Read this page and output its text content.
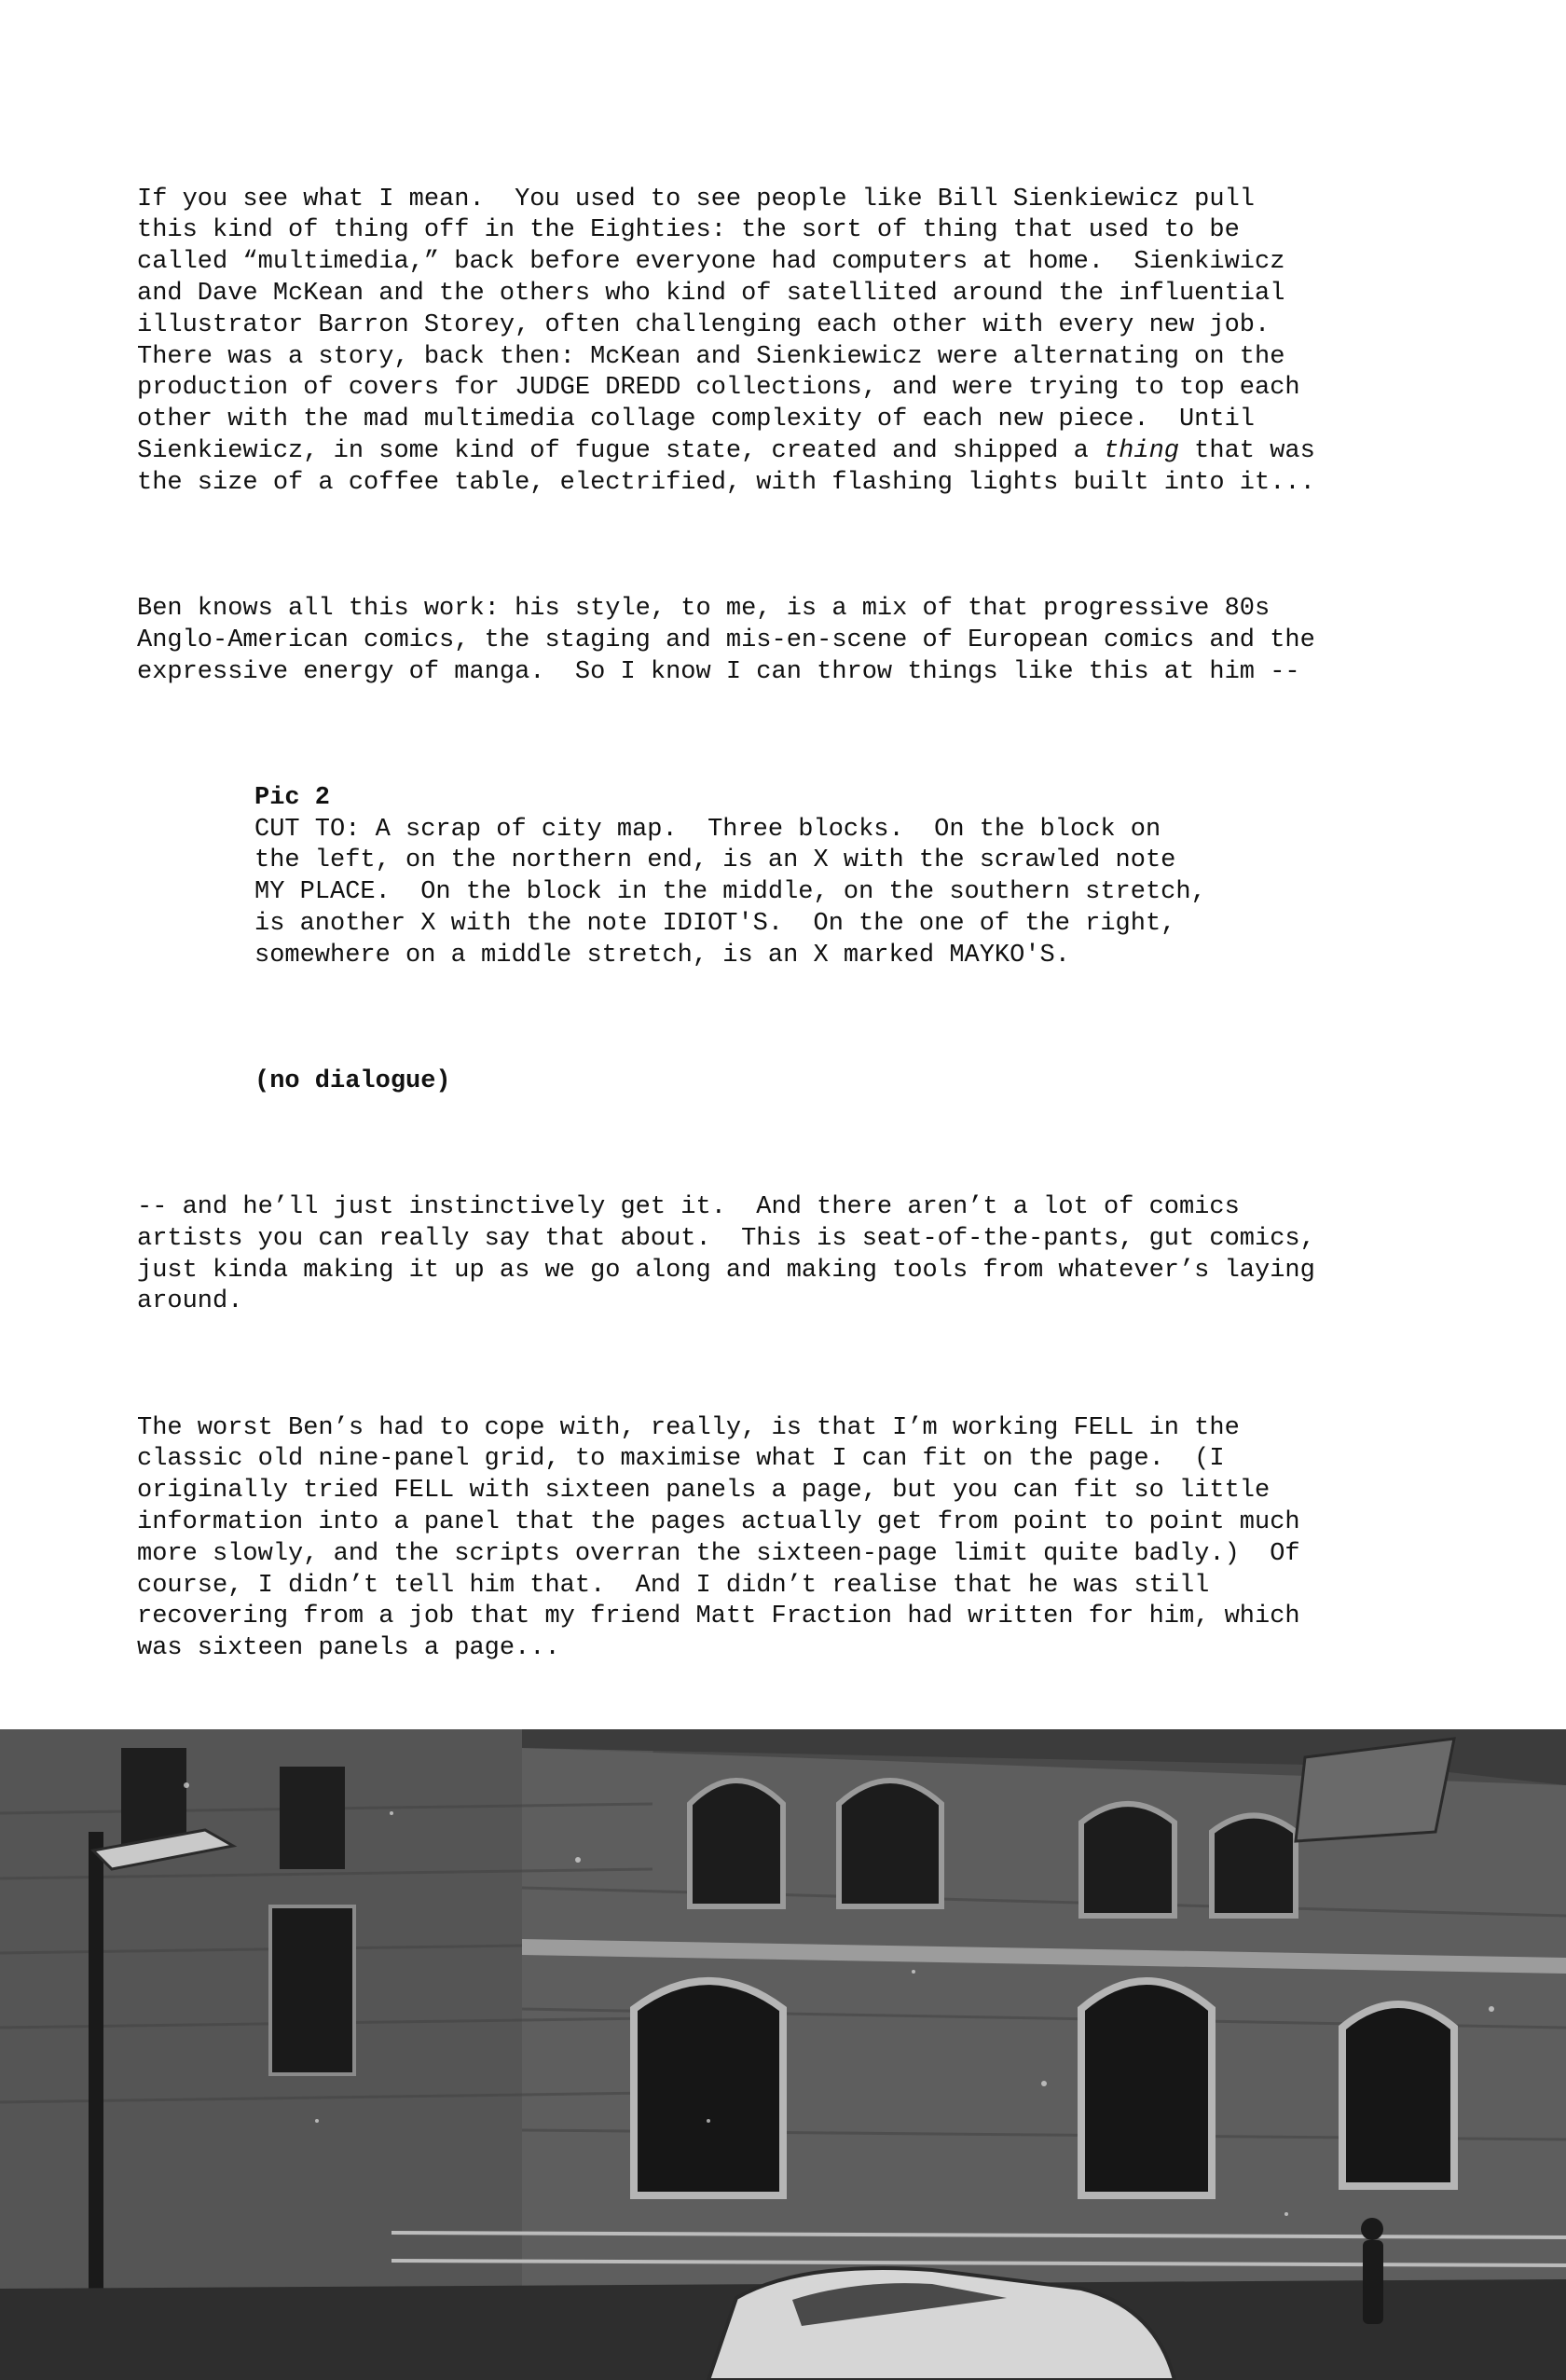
If you see what I mean.  You used to see people like Bill Sienkiewicz pull
this kind of thing off in the Eighties: the sort of thing that used to be
called “multimedia,” back before everyone had computers at home.  Sienkiwicz
and Dave McKean and the others who kind of satellited around the influential
illustrator Barron Storey, often challenging each other with every new job.
There was a story, back then: McKean and Sienkiewicz were alternating on the
production of covers for JUDGE DREDD collections, and were trying to top each
other with the mad multimedia collage complexity of each new piece.  Until
Sienkiewicz, in some kind of fugue state, created and shipped a thing that was
the size of a coffee table, electrified, with flashing lights built into it...

Ben knows all this work: his style, to me, is a mix of that progressive 80s
Anglo-American comics, the staging and mis-en-scene of European comics and the
expressive energy of manga.  So I know I can throw things like this at him --

Pic 2
CUT TO: A scrap of city map.  Three blocks.  On the block on
the left, on the northern end, is an X with the scrawled note
MY PLACE.  On the block in the middle, on the southern stretch,
is another X with the note IDIOT'S.  On the one of the right,
somewhere on a middle stretch, is an X marked MAYKO'S.

(no dialogue)

-- and he’ll just instinctively get it.  And there aren’t a lot of comics
artists you can really say that about.  This is seat-of-the-pants, gut comics,
just kinda making it up as we go along and making tools from whatever’s laying
around.

The worst Ben’s had to cope with, really, is that I’m working FELL in the
classic old nine-panel grid, to maximise what I can fit on the page.  (I
originally tried FELL with sixteen panels a page, but you can fit so little
information into a panel that the pages actually get from point to point much
more slowly, and the scripts overran the sixteen-page limit quite badly.)  Of
course, I didn’t tell him that.  And I didn’t realise that he was still
recovering from a job that my friend Matt Fraction had written for him, which
was sixteen panels a page...
